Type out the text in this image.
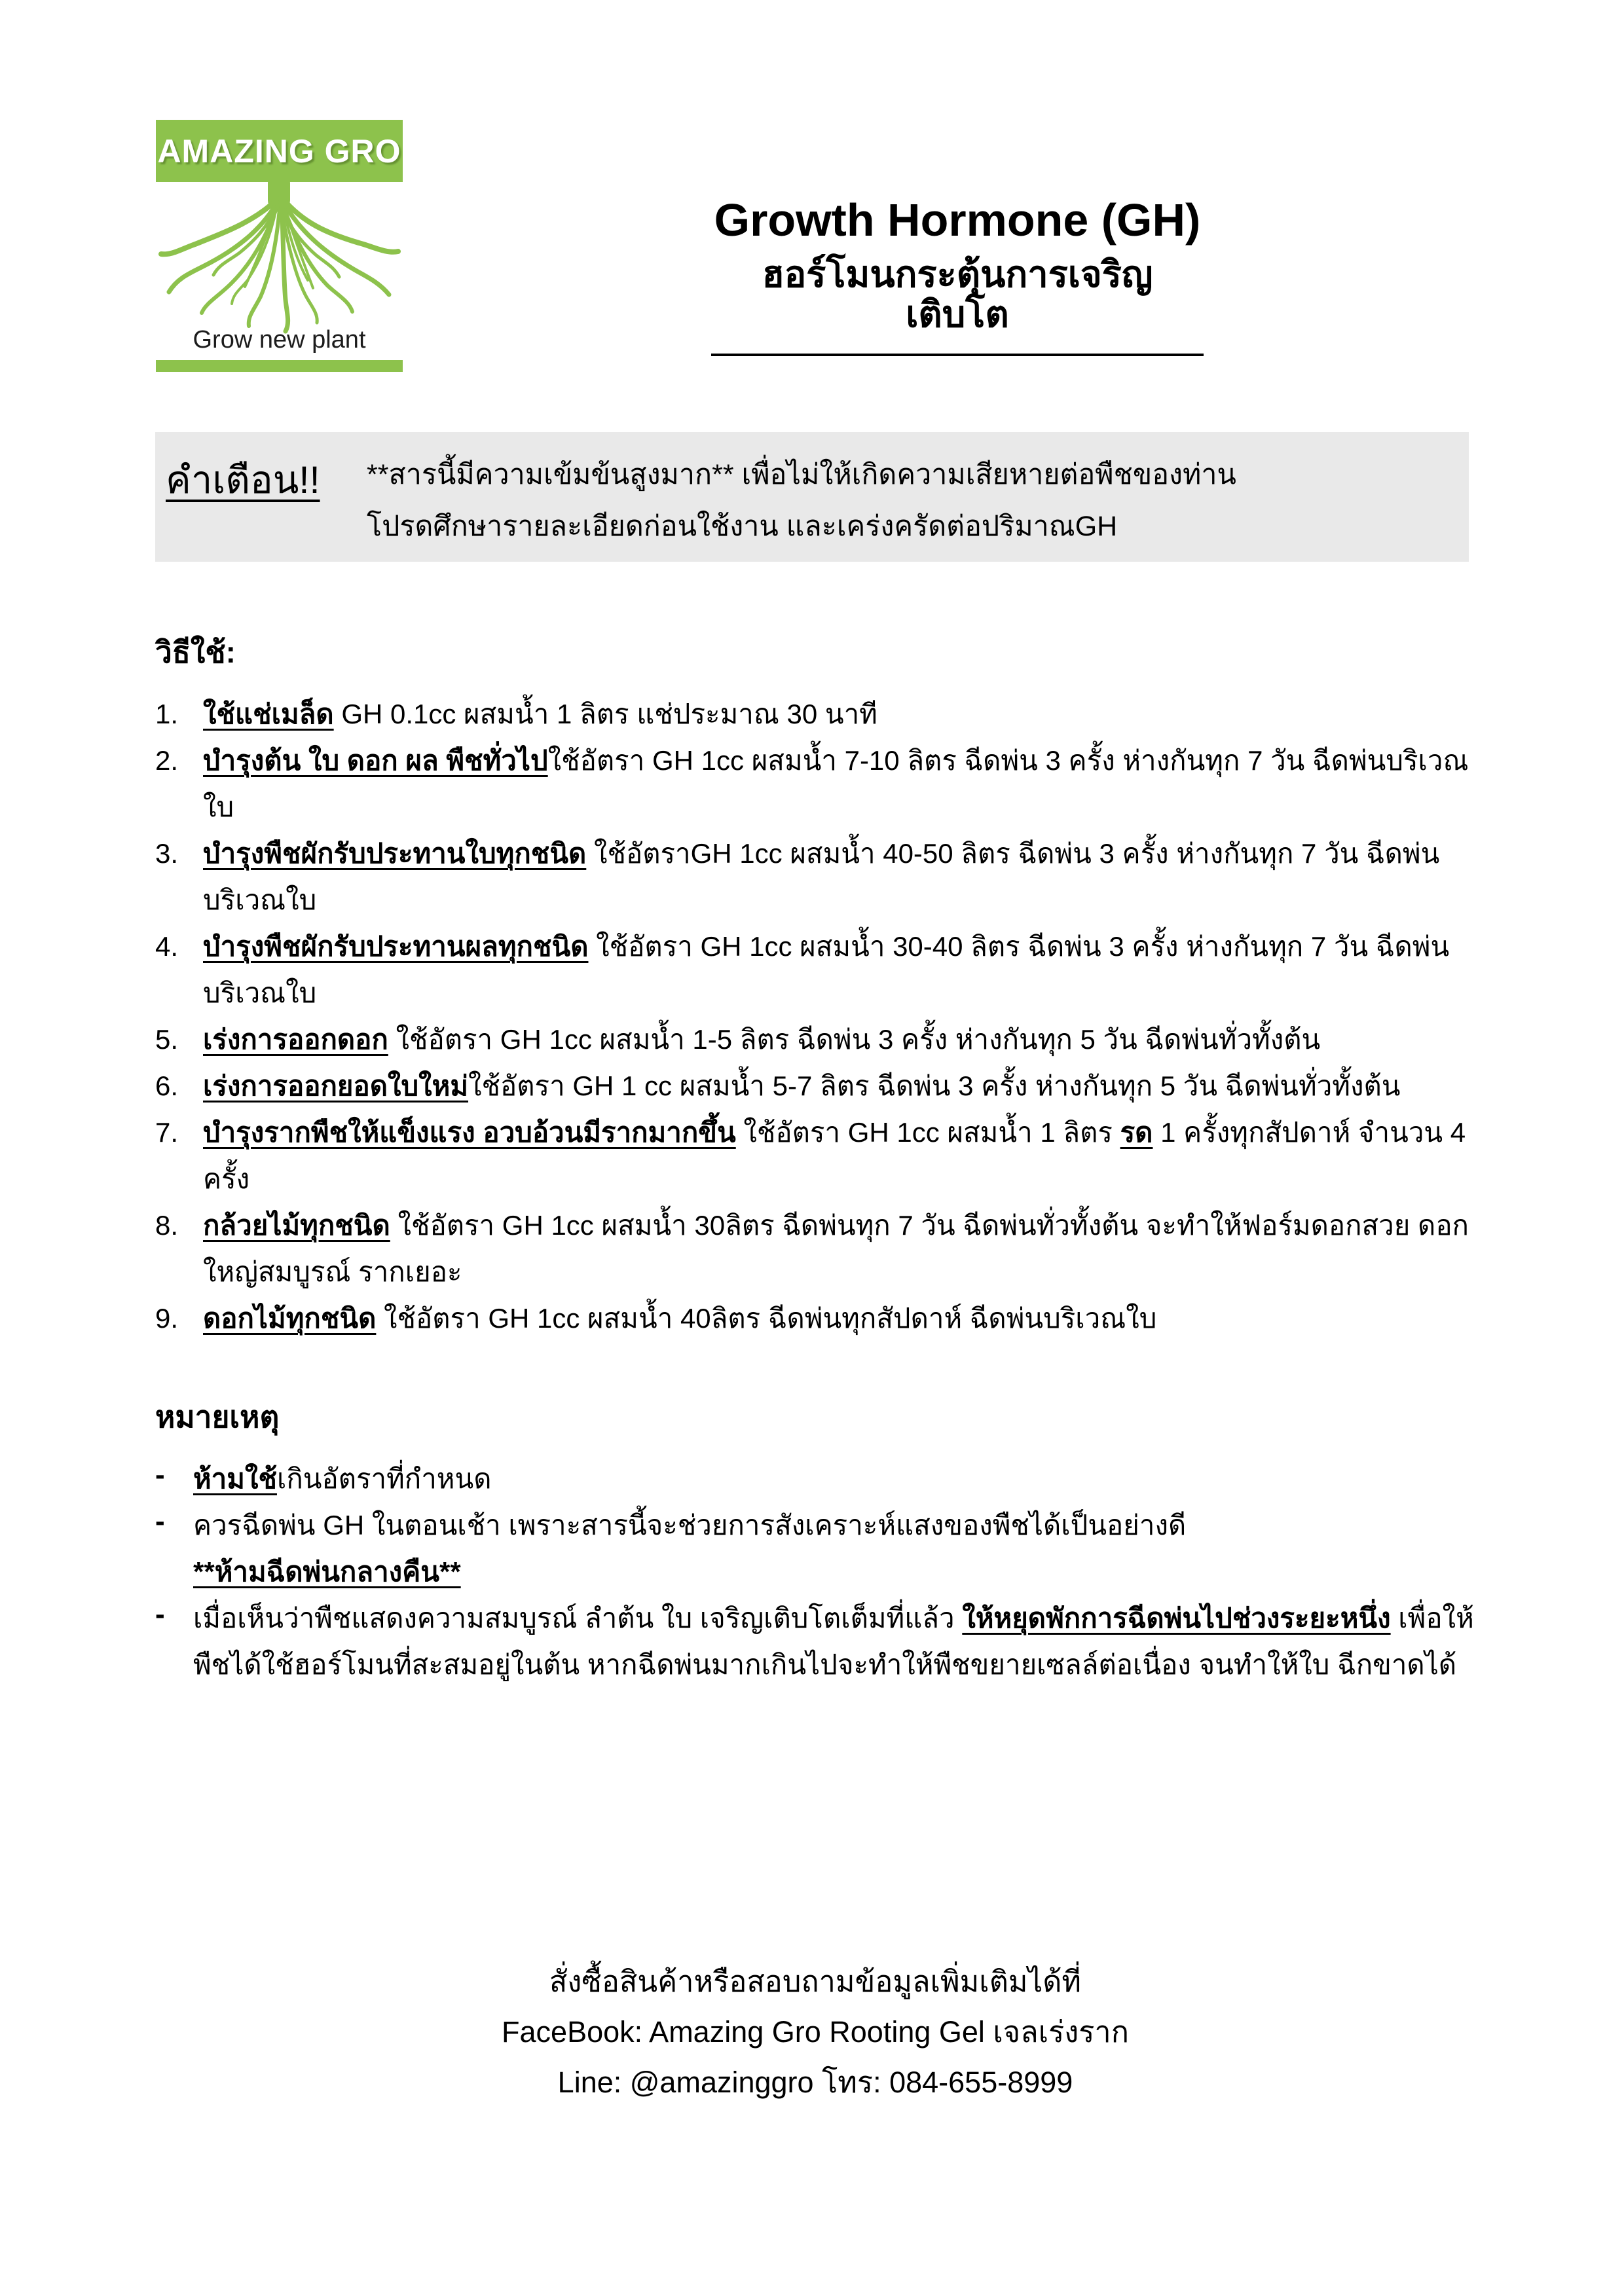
AMAZING GRO
Grow new plant
Growth Hormone (GH)
ฮอร์โมนกระตุ้นการเจริญเติบโต
คำเตือน!! **สารนี้มีความเข้มข้นสูงมาก** เพื่อไม่ให้เกิดความเสียหายต่อพืชของท่าน
โปรดศึกษารายละเอียดก่อนใช้งาน และเคร่งครัดต่อปริมาณGH
วิธีใช้:
1. ใช้แช่เมล็ด GH 0.1cc ผสมน้ำ 1 ลิตร แช่ประมาณ 30 นาที
2. บำรุงต้น ใบ ดอก ผล พืชทั่วไปใช้อัตรา GH 1cc ผสมน้ำ 7-10 ลิตร ฉีดพ่น 3 ครั้ง ห่างกันทุก 7 วัน ฉีดพ่นบริเวณใบ
3. บำรุงพืชผักรับประทานใบทุกชนิด ใช้อัตราGH 1cc ผสมน้ำ 40-50 ลิตร ฉีดพ่น 3 ครั้ง ห่างกันทุก 7 วัน ฉีดพ่นบริเวณใบ
4. บำรุงพืชผักรับประทานผลทุกชนิด ใช้อัตรา GH 1cc ผสมน้ำ 30-40 ลิตร ฉีดพ่น 3 ครั้ง ห่างกันทุก 7 วัน ฉีดพ่นบริเวณใบ
5. เร่งการออกดอก ใช้อัตรา GH 1cc ผสมน้ำ 1-5 ลิตร ฉีดพ่น 3 ครั้ง ห่างกันทุก 5 วัน ฉีดพ่นทั่วทั้งต้น
6. เร่งการออกยอดใบใหม่ใช้อัตรา GH 1 cc ผสมน้ำ 5-7 ลิตร ฉีดพ่น 3 ครั้ง ห่างกันทุก 5 วัน ฉีดพ่นทั่วทั้งต้น
7. บำรุงรากพืชให้แข็งแรง อวบอ้วนมีรากมากขึ้น ใช้อัตรา GH 1cc ผสมน้ำ 1 ลิตร รด 1 ครั้งทุกสัปดาห์ จำนวน 4 ครั้ง
8. กล้วยไม้ทุกชนิด ใช้อัตรา GH 1cc ผสมน้ำ 30ลิตร ฉีดพ่นทุก 7 วัน ฉีดพ่นทั่วทั้งต้น จะทำให้ฟอร์มดอกสวย ดอกใหญ่สมบูรณ์ รากเยอะ
9. ดอกไม้ทุกชนิด ใช้อัตรา GH 1cc ผสมน้ำ 40ลิตร ฉีดพ่นทุกสัปดาห์ ฉีดพ่นบริเวณใบ
หมายเหตุ
-	ห้ามใช้เกินอัตราที่กำหนด
-	ควรฉีดพ่น GH ในตอนเช้า เพราะสารนี้จะช่วยการสังเคราะห์แสงของพืชได้เป็นอย่างดี
**ห้ามฉีดพ่นกลางคืน**
-	เมื่อเห็นว่าพืชแสดงความสมบูรณ์ ลำต้น ใบ เจริญเติบโตเต็มที่แล้ว ให้หยุดพักการฉีดพ่นไปช่วงระยะหนึ่ง เพื่อให้พืชได้ใช้ฮอร์โมนที่สะสมอยู่ในต้น หากฉีดพ่นมากเกินไปจะทำให้พืชขยายเซลล์ต่อเนื่อง จนทำให้ใบ ฉีกขาดได้
สั่งซื้อสินค้าหรือสอบถามข้อมูลเพิ่มเติมได้ที่
FaceBook: Amazing Gro Rooting Gel เจลเร่งราก
Line: @amazinggro โทร: 084-655-8999
